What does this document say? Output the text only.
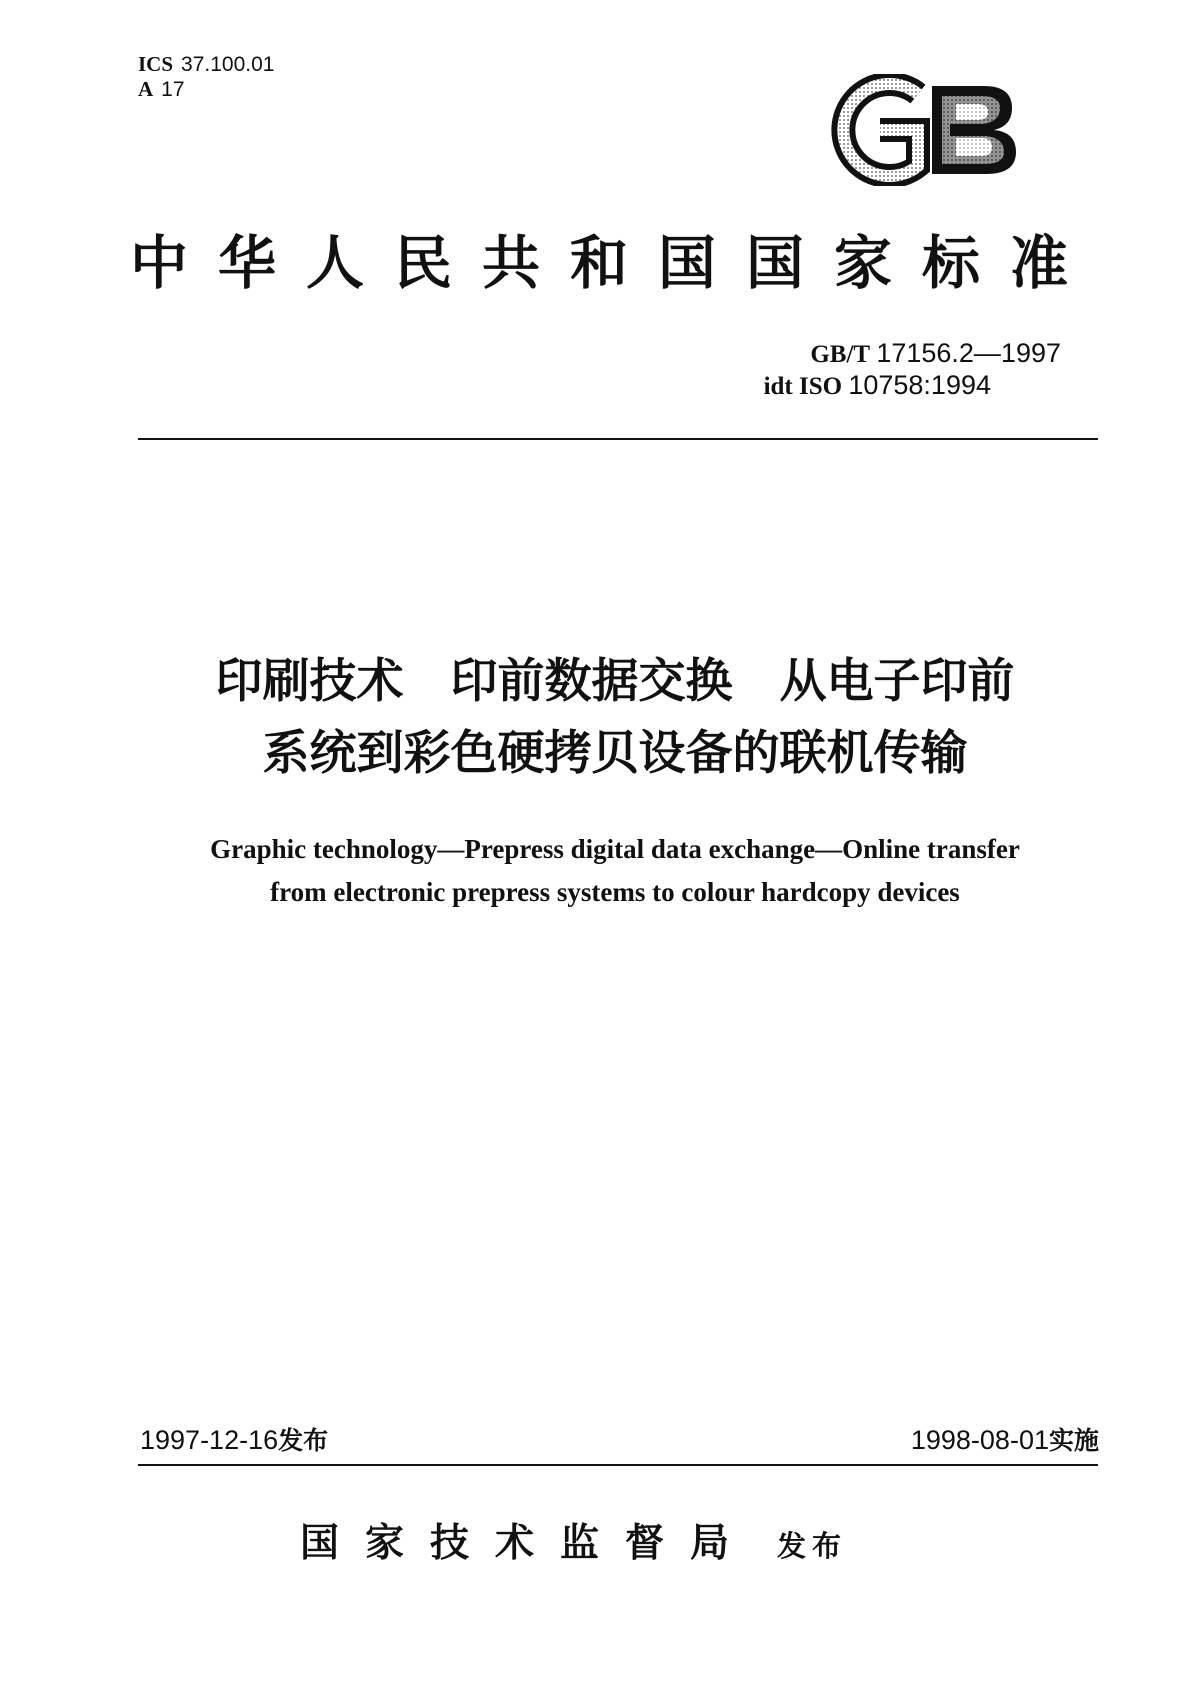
ICS 37.100.01
A 17
中华人民共和国国家标准
GB/T 17156.2—1997
idt ISO 10758:1994
印刷技术　印前数据交换　从电子印前
系统到彩色硬拷贝设备的联机传输
Graphic technology—Prepress digital data exchange—Online transfer
from electronic prepress systems to colour hardcopy devices
1997-12-16发布	1998-08-01实施
国家技术监督局 发布
